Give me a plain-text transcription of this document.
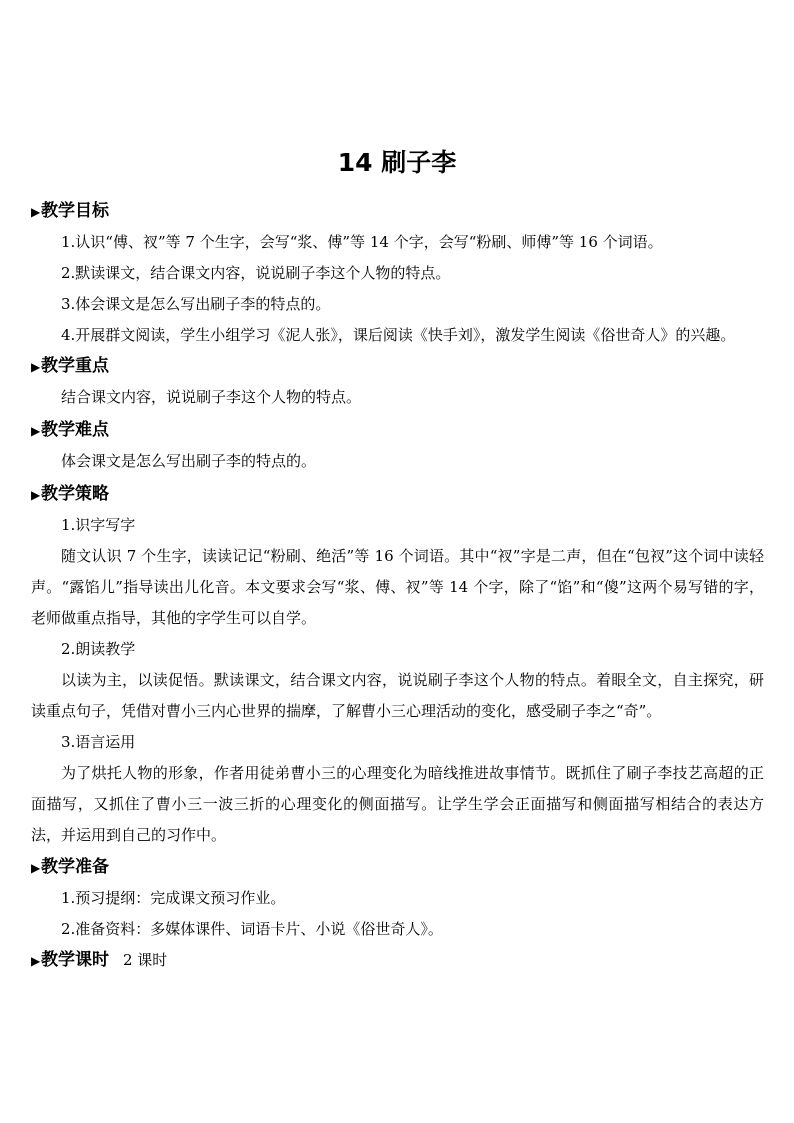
14 刷子李
▶教学目标

1.认识“傅、衩”等 7 个生字，会写“浆、傅”等 14 个字，会写“粉刷、师傅”等 16 个词语。

2.默读课文，结合课文内容，说说刷子李这个人物的特点。

3.体会课文是怎么写出刷子李的特点的。

4.开展群文阅读，学生小组学习《泥人张》，课后阅读《快手刘》，激发学生阅读《俗世奇人》的兴趣。

▶教学重点

结合课文内容，说说刷子李这个人物的特点。

▶教学难点

体会课文是怎么写出刷子李的特点的。

▶教学策略

1.识字写字

随文认识 7 个生字，读读记记“粉刷、绝活”等 16 个词语。其中“衩”字是二声，但在“包衩”这个词中读轻声。“露馅儿”指导读出儿化音。本文要求会写“浆、傅、衩”等 14 个字，除了“馅”和“傻”这两个易写错的字，老师做重点指导，其他的字学生可以自学。

2.朗读教学

以读为主，以读促悟。默读课文，结合课文内容，说说刷子李这个人物的特点。着眼全文，自主探究，研读重点句子，凭借对曹小三内心世界的揣摩，了解曹小三心理活动的变化，感受刷子李之“奇”。

3.语言运用

为了烘托人物的形象，作者用徒弟曹小三的心理变化为暗线推进故事情节。既抓住了刷子李技艺高超的正面描写，又抓住了曹小三一波三折的心理变化的侧面描写。让学生学会正面描写和侧面描写相结合的表达方法，并运用到自己的习作中。

▶教学准备

1.预习提纲：完成课文预习作业。

2.准备资料：多媒体课件、词语卡片、小说《俗世奇人》。

▶教学课时 2 课时
